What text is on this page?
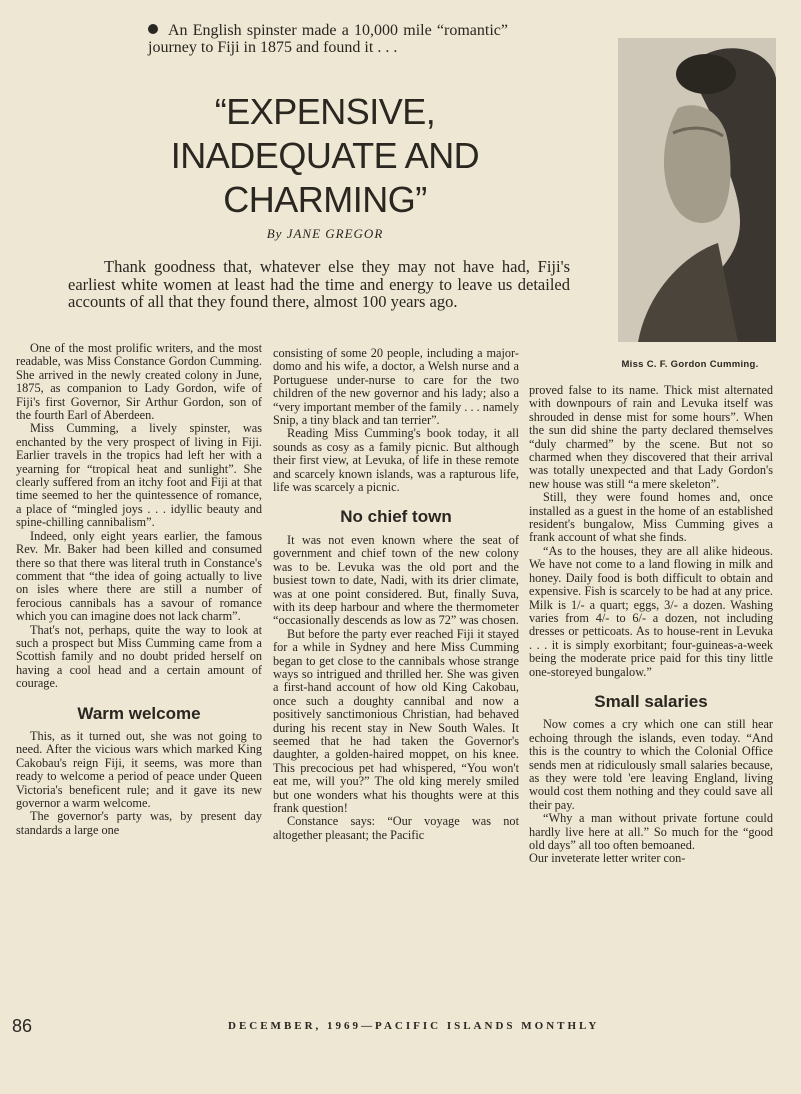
An English spinster made a 10,000 mile “romantic” journey to Fiji in 1875 and found it . . .
“EXPENSIVE,
INADEQUATE AND
CHARMING”
By JANE GREGOR

Thank goodness that, whatever else they may not have had, Fiji's earliest white women at least had the time and energy to leave us detailed accounts of all that they found there, almost 100 years ago.

Miss C. F. Gordon Cumming.

One of the most prolific writers, and the most readable, was Miss Constance Gordon Cumming. She arrived in the newly created colony in June, 1875, as companion to Lady Gordon, wife of Fiji's first Governor, Sir Arthur Gordon, son of the fourth Earl of Aberdeen.

Miss Cumming, a lively spinster, was enchanted by the very prospect of living in Fiji. Earlier travels in the tropics had left her with a yearning for “tropical heat and sunlight”. She clearly suffered from an itchy foot and Fiji at that time seemed to her the quintessence of romance, a place of “mingled joys . . . idyllic beauty and spine-chilling cannibalism”.

Indeed, only eight years earlier, the famous Rev. Mr. Baker had been killed and consumed there so that there was literal truth in Constance's comment that “the idea of going actually to live on isles where there are still a number of ferocious cannibals has a savour of romance which you can imagine does not lack charm”.

That's not, perhaps, quite the way to look at such a prospect but Miss Cumming came from a Scottish family and no doubt prided herself on having a cool head and a certain amount of courage.

Warm welcome

This, as it turned out, she was not going to need. After the vicious wars which marked King Cakobau's reign Fiji, it seems, was more than ready to welcome a period of peace under Queen Victoria's beneficent rule; and it gave its new governor a warm welcome.

The governor's party was, by present day standards a large one

consisting of some 20 people, including a major-domo and his wife, a doctor, a Welsh nurse and a Portuguese under-nurse to care for the two children of the new governor and his lady; also a “very important member of the family . . . namely Snip, a tiny black and tan terrier”.

Reading Miss Cumming's book today, it all sounds as cosy as a family picnic. But although their first view, at Levuka, of life in these remote and scarcely known islands, was a rapturous life, life was scarcely a picnic.

No chief town

It was not even known where the seat of government and chief town of the new colony was to be. Levuka was the old port and the busiest town to date, Nadi, with its drier climate, was at one point considered. But, finally Suva, with its deep harbour and where the thermometer “occasionally descends as low as 72” was chosen.

But before the party ever reached Fiji it stayed for a while in Sydney and here Miss Cumming began to get close to the cannibals whose strange ways so intrigued and thrilled her. She was given a first-hand account of how old King Cakobau, once such a doughty cannibal and now a positively sanctimonious Christian, had behaved during his recent stay in New South Wales. It seemed that he had taken the Governor's daughter, a golden-haired moppet, on his knee. This precocious pet had whispered, “You won't eat me, will you?” The old king merely smiled but one wonders what his thoughts were at this frank question!

Constance says: “Our voyage was not altogether pleasant; the Pacific

proved false to its name. Thick mist alternated with downpours of rain and Levuka itself was shrouded in dense mist for some hours”. When the sun did shine the party declared themselves “duly charmed” by the scene. But not so charmed when they discovered that their arrival was totally unexpected and that Lady Gordon's new house was still “a mere skeleton”.

Still, they were found homes and, once installed as a guest in the home of an established resident's bungalow, Miss Cumming gives a frank account of what she finds.

“As to the houses, they are all alike hideous. We have not come to a land flowing in milk and honey. Daily food is both difficult to obtain and expensive. Fish is scarcely to be had at any price. Milk is 1/- a quart; eggs, 3/- a dozen. Washing varies from 4/- to 6/- a dozen, not including dresses or petticoats. As to house-rent in Levuka . . . it is simply exorbitant; four-guineas-a-week being the moderate price paid for this tiny little one-storeyed bungalow.”

Small salaries

Now comes a cry which one can still hear echoing through the islands, even today. “And this is the country to which the Colonial Office sends men at ridiculously small salaries because, as they were told 'ere leaving England, living would cost them nothing and they could save all their pay.

“Why a man without private fortune could hardly live here at all.” So much for the “good old days” all too often bemoaned.

Our inveterate letter writer con-

86	DECEMBER, 1969—PACIFIC ISLANDS MONTHLY
